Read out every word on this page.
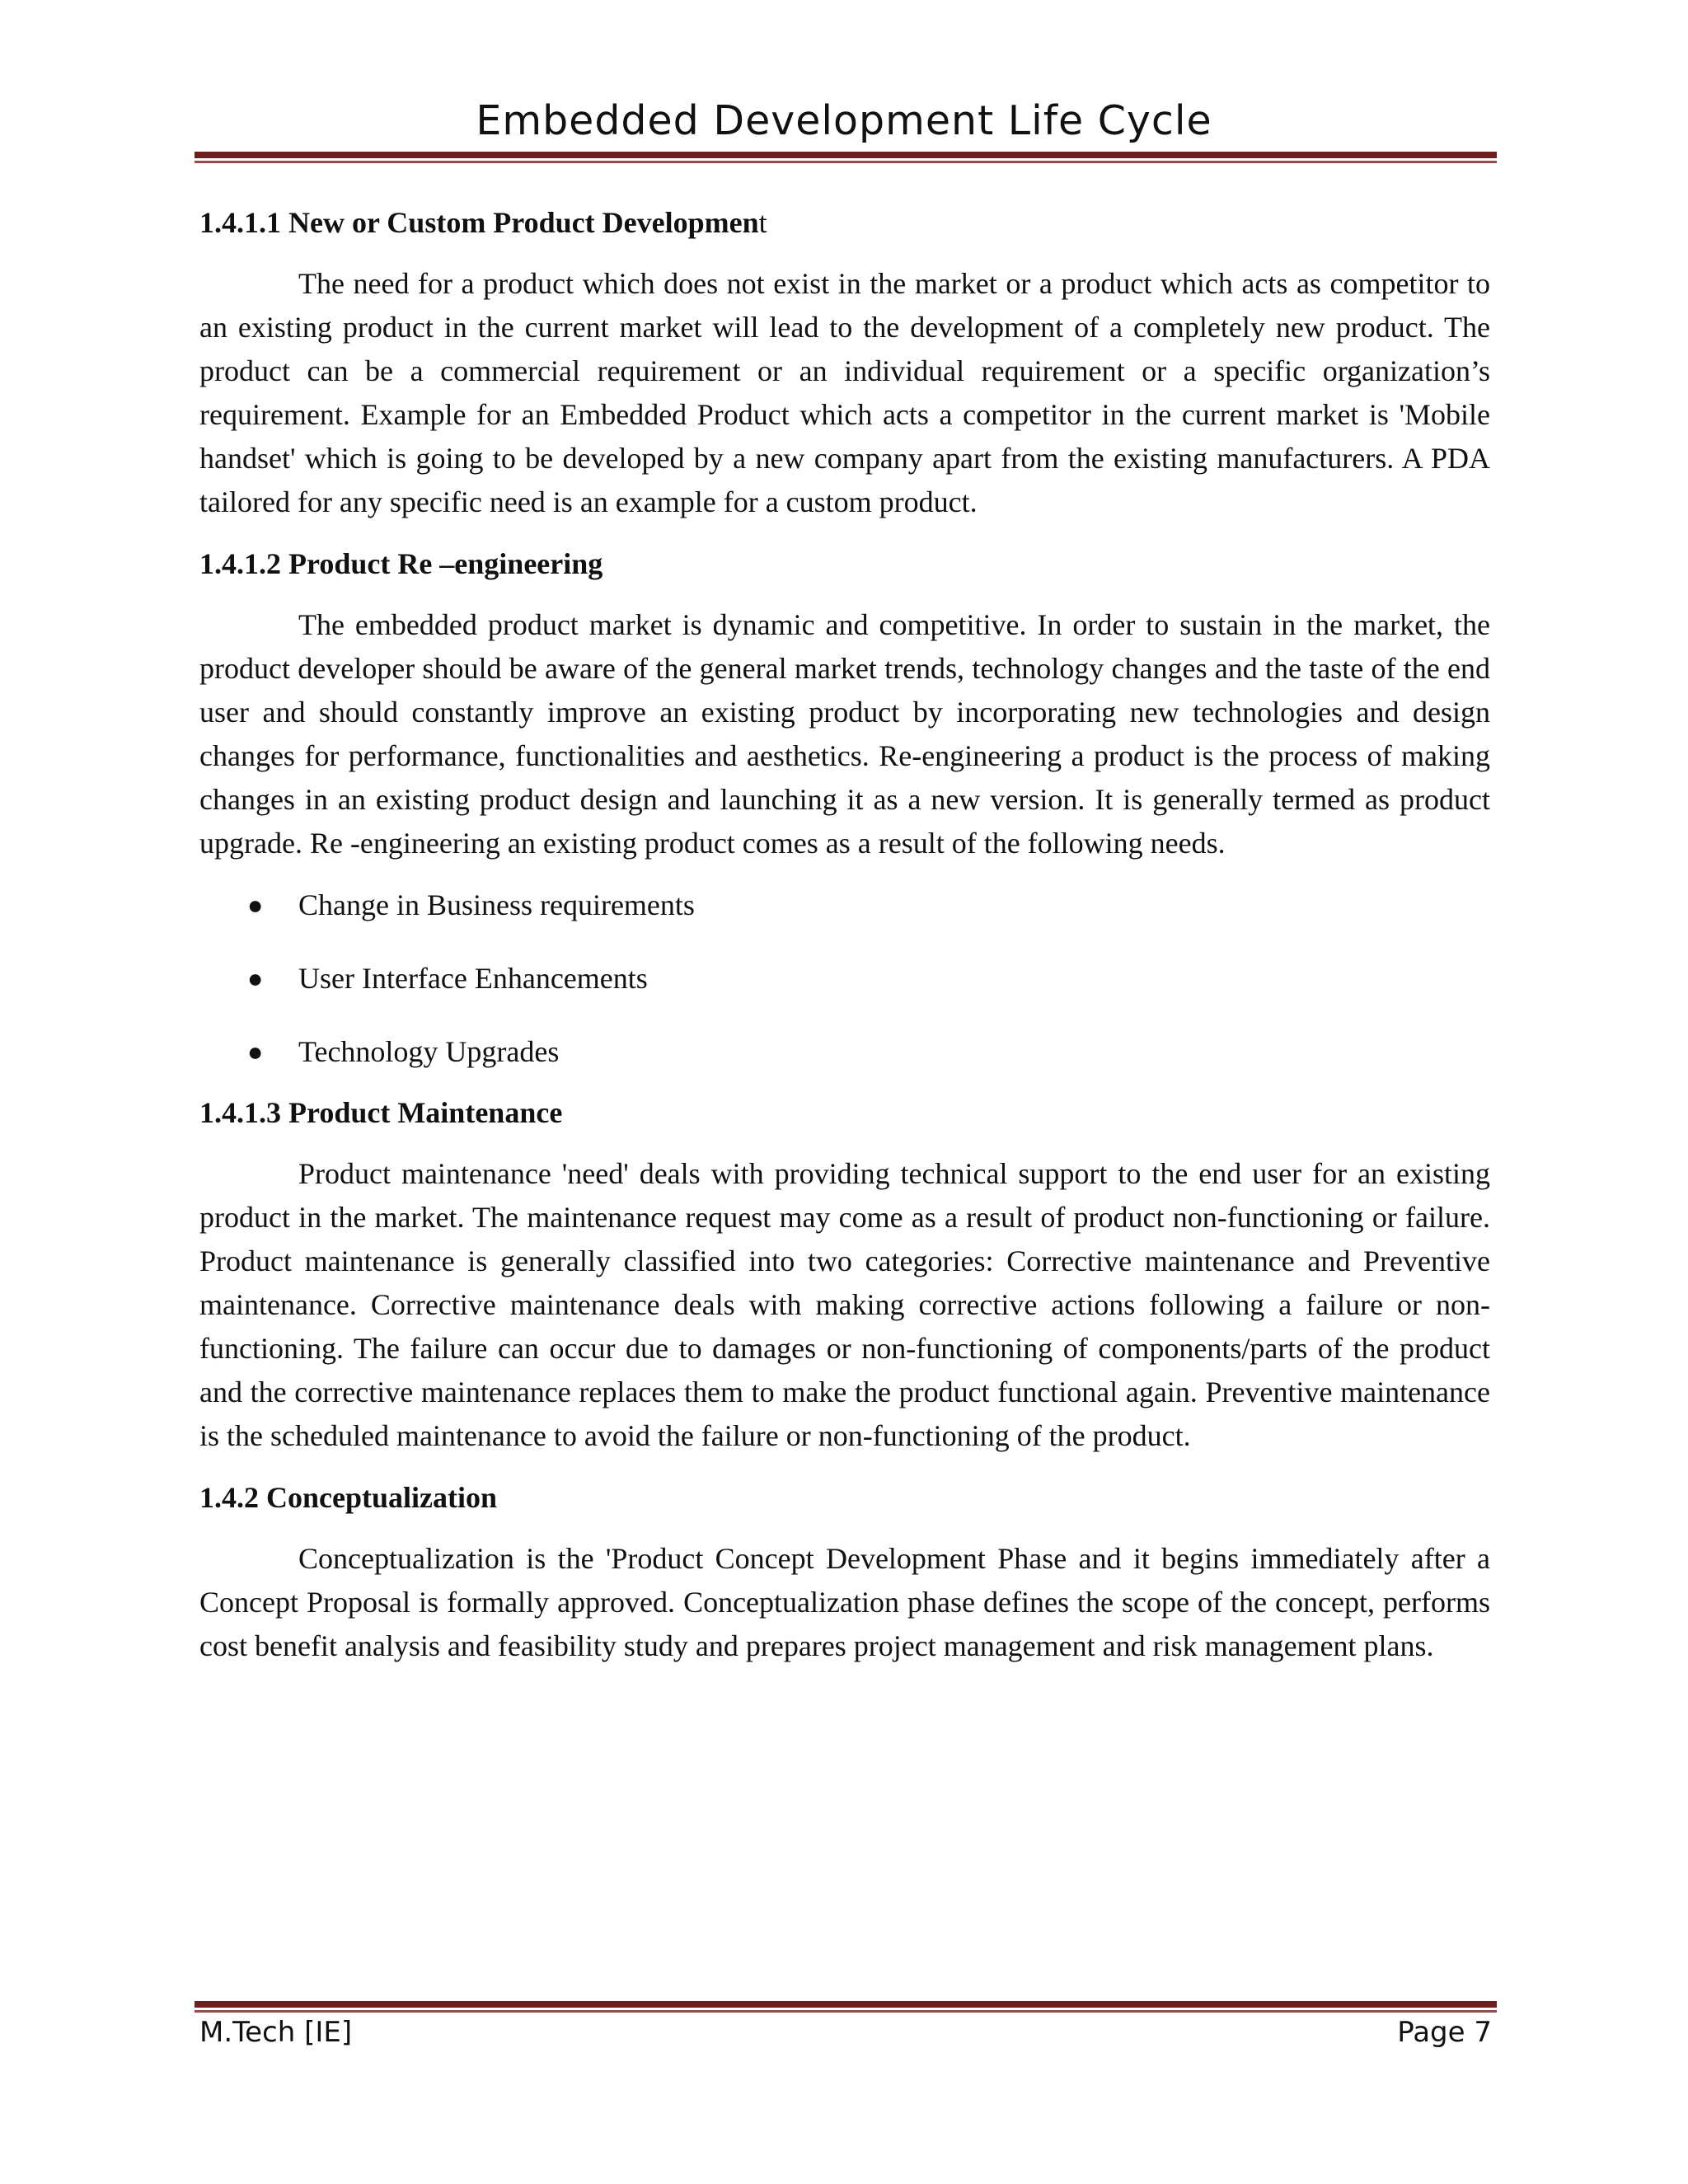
Embedded Development Life Cycle
1.4.1.1 New or Custom Product Development

The need for a product which does not exist in the market or a product which acts as competitor to an existing product in the current market will lead to the development of a completely new product. The product can be a commercial requirement or an individual requirement or a specific organization’s requirement. Example for an Embedded Product which acts a competitor in the current market is 'Mobile handset' which is going to be developed by a new company apart from the existing manufacturers. A PDA tailored for any specific need is an example for a custom product.

1.4.1.2 Product Re –engineering

The embedded product market is dynamic and competitive. In order to sustain in the market, the product developer should be aware of the general market trends, technology changes and the taste of the end user and should constantly improve an existing product by incorporating new technologies and design changes for performance, functionalities and aesthetics. Re-engineering a product is the process of making changes in an existing product design and launching it as a new version. It is generally termed as product upgrade. Re -engineering an existing product comes as a result of the following needs.

● Change in Business requirements
● User Interface Enhancements
● Technology Upgrades
1.4.1.3 Product Maintenance

Product maintenance 'need' deals with providing technical support to the end user for an existing product in the market. The maintenance request may come as a result of product non-functioning or failure. Product maintenance is generally classified into two categories: Corrective maintenance and Preventive maintenance. Corrective maintenance deals with making corrective actions following a failure or non-functioning. The failure can occur due to damages or non-functioning of components/parts of the product and the corrective maintenance replaces them to make the product functional again. Preventive maintenance is the scheduled maintenance to avoid the failure or non-functioning of the product.

1.4.2 Conceptualization

Conceptualization is the 'Product Concept Development Phase and it begins immediately after a Concept Proposal is formally approved. Conceptualization phase defines the scope of the concept, performs cost benefit analysis and feasibility study and prepares project management and risk management plans.

M.Tech [IE]	Page 7
